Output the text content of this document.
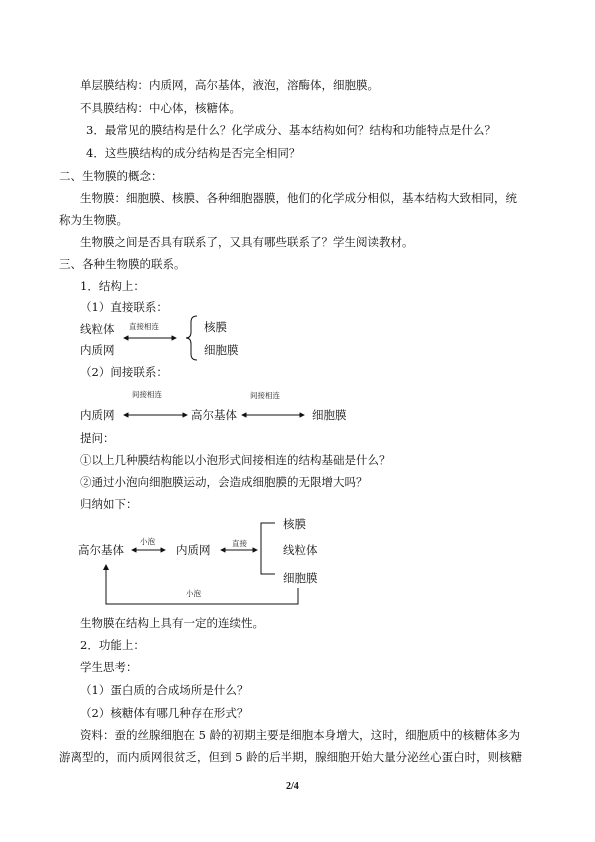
单层膜结构：内质网，高尔基体，液泡，溶酶体，细胞膜。
不具膜结构：中心体，核糖体。
3．最常见的膜结构是什么？化学成分、基本结构如何？结构和功能特点是什么？
4．这些膜结构的成分结构是否完全相同？
二、生物膜的概念：
生物膜：细胞膜、核膜、各种细胞器膜，他们的化学成分相似，基本结构大致相同，统
称为生物膜。
生物膜之间是否具有联系了，又具有哪些联系了？学生阅读教材。
三、各种生物膜的联系。
1．结构上：
（1）直接联系：
线粒体
内质网
直接相连	核膜
细胞膜
（2）间接联系：
间接相连	间接相连
内质网	高尔基体	细胞膜
提问：
①以上几种膜结构能以小泡形式间接相连的结构基础是什么？
②通过小泡向细胞膜运动，会造成细胞膜的无限增大吗？
归纳如下：
高尔基体
小泡
内质网	直接
核膜
线粒体
细胞膜
小泡
生物膜在结构上具有一定的连续性。
2．功能上：
学生思考：
（1）蛋白质的合成场所是什么？
（2）核糖体有哪几种存在形式？
资料：蚕的丝腺细胞在 5 龄的初期主要是细胞本身增大，这时，细胞质中的核糖体多为
游离型的，而内质网很贫乏，但到 5 龄的后半期，腺细胞开始大量分泌丝心蛋白时，则核糖
2/4
